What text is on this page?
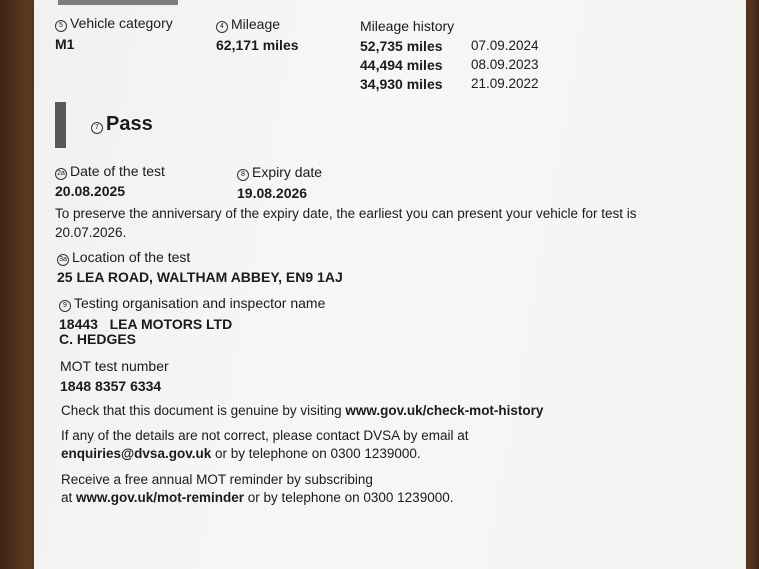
5 Vehicle category
M1
4 Mileage
62,171 miles
Mileage history
52,735 miles 07.09.2024
44,494 miles 08.09.2023
34,930 miles 21.09.2022
7 Pass
2a Date of the test
20.08.2025
8 Expiry date
19.08.2026
To preserve the anniversary of the expiry date, the earliest you can present your vehicle for test is
20.07.2026.
3a Location of the test
25 LEA ROAD, WALTHAM ABBEY, EN9 1AJ
9 Testing organisation and inspector name
18443   LEA MOTORS LTD
C. HEDGES
MOT test number
1848 8357 6334
Check that this document is genuine by visiting www.gov.uk/check-mot-history
If any of the details are not correct, please contact DVSA by email at
enquiries@dvsa.gov.uk or by telephone on 0300 1239000.
Receive a free annual MOT reminder by subscribing
at www.gov.uk/mot-reminder or by telephone on 0300 1239000.
